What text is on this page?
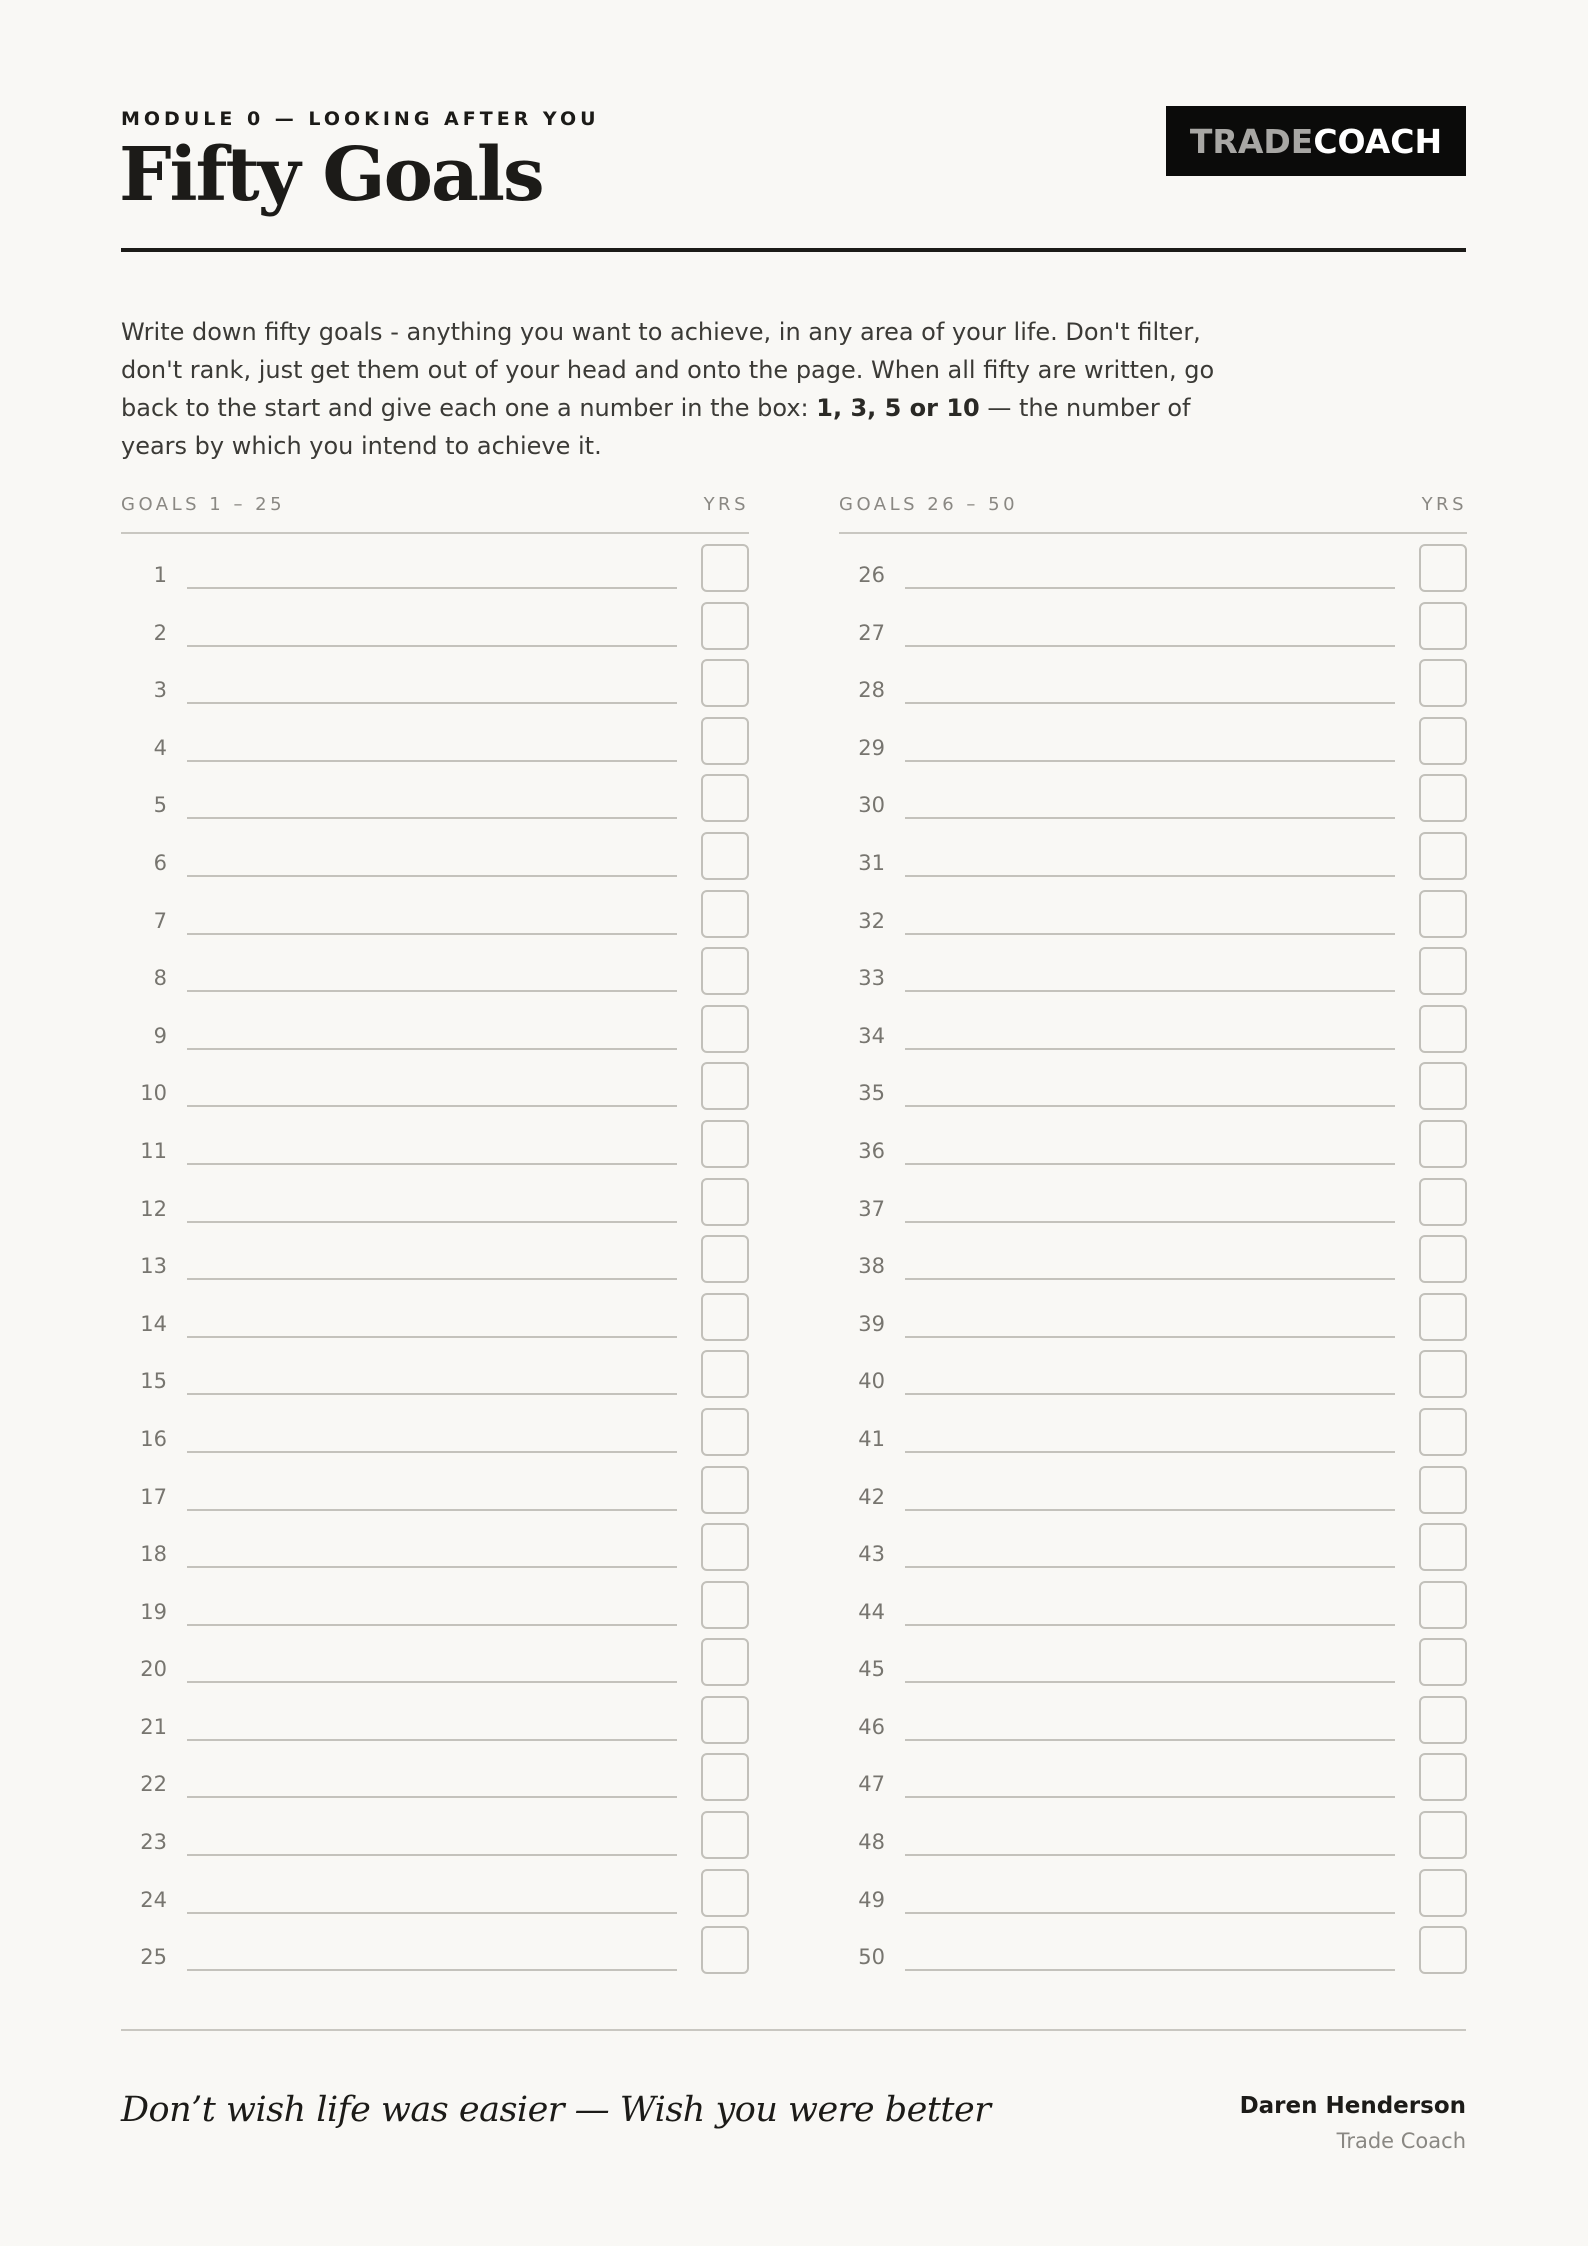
MODULE 0 — LOOKING AFTER YOU
Fifty Goals	TRADE COACH

Write down fifty goals - anything you want to achieve, in any area of your life. Don't filter, don't rank, just get them out of your head and onto the page. When all fifty are written, go back to the start and give each one a number in the box: 1, 3, 5 or 10 — the number of years by which you intend to achieve it.

GOALS 1 – 25	YRS
1
2
3
4
5
6
7
8
9
10
11
12
13
14
15
16
17
18
19
20
21
22
23
24
25
GOALS 26 – 50	YRS
26
27
28
29
30
31
32
33
34
35
36
37
38
39
40
41
42
43
44
45
46
47
48
49
50
Don’t wish life was easier — Wish you were better	Daren Henderson
Trade Coach
